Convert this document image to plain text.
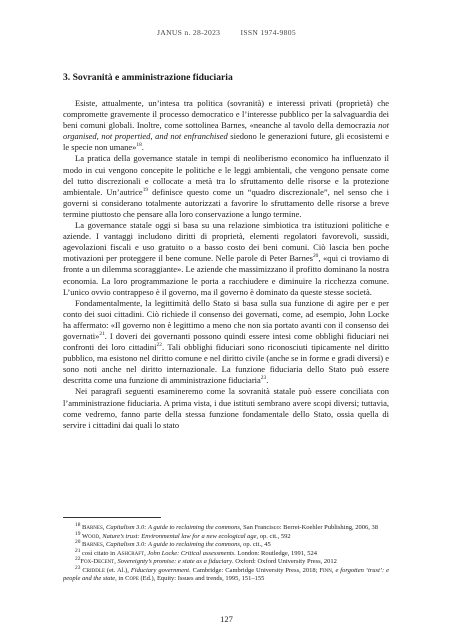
JANUS n. 28-2023	ISSN 1974-9805
3. Sovranità e amministrazione fiduciaria

Esiste, attualmente, un’intesa tra politica (sovranità) e interessi privati (proprietà) che compromette gravemente il processo democratico e l’interesse pubblico per la salvaguardia dei beni comuni globali. Inoltre, come sottolinea Barnes, «neanche al tavolo della democrazia not organised, not propertied, and not enfranchised siedono le generazioni future, gli ecosistemi e le specie non umane»$^{18}$.

La pratica della governance statale in tempi di neoliberismo economico ha influenzato il modo in cui vengono concepite le politiche e le leggi ambientali, che vengono pensate come del tutto discrezionali e collocate a metà tra lo sfruttamento delle risorse e la protezione ambientale. Un’autrice$^{19}$ definisce questo come un “quadro discrezionale”, nel senso che i governi si considerano totalmente autorizzati a favorire lo sfruttamento delle risorse a breve termine piuttosto che pensare alla loro conservazione a lungo termine.

La governance statale oggi si basa su una relazione simbiotica tra istituzioni politiche e aziende. I vantaggi includono diritti di proprietà, elementi regolatori favorevoli, sussidi, agevolazioni fiscali e uso gratuito o a basso costo dei beni comuni. Ciò lascia ben poche motivazioni per proteggere il bene comune. Nelle parole di Peter Barnes$^{20}$, «qui ci troviamo di fronte a un dilemma scoraggiante». Le aziende che massimizzano il profitto dominano la nostra economia. La loro programmazione le porta a racchiudere e diminuire la ricchezza comune. L’unico ovvio contrappeso è il governo, ma il governo è dominato da queste stesse società.

Fondamentalmente, la legittimità dello Stato si basa sulla sua funzione di agire per e per conto dei suoi cittadini. Ciò richiede il consenso dei governati, come, ad esempio, John Locke ha affermato: «Il governo non è legittimo a meno che non sia portato avanti con il consenso dei governati»$^{21}$. I doveri dei governanti possono quindi essere intesi come obblighi fiduciari nei confronti dei loro cittadini$^{22}$. Tali obblighi fiduciari sono riconosciuti tipicamente nel diritto pubblico, ma esistono nel diritto comune e nel diritto civile (anche se in forme e gradi diversi) e sono noti anche nel diritto internazionale. La funzione fiduciaria dello Stato può essere descritta come una funzione di amministrazione fiduciaria$^{23}$.

Nei paragrafi seguenti esamineremo come la sovranità statale può essere conciliata con l’amministrazione fiduciaria. A prima vista, i due istituti sembrano avere scopi diversi; tuttavia, come vedremo, fanno parte della stessa funzione fondamentale dello Stato, ossia quella di servire i cittadini dai quali lo stato

$^{18}$ Barnes, Capitalism 3.0: A guide to reclaiming the commons, San Francisco: Berret-Koehler Publishing, 2006, 38

$^{19}$ Wood, Nature’s trust: Environmental law for a new ecological age, op. cit., 592

$^{20}$ Barnes, Capitalism 3.0: A guide to reclaiming the commons, op. cit., 45

$^{21}$ così citato in Ashcraft, John Locke: Critical assessments. London: Routledge, 1991, 524

$^{22}$Fox-Decent, Sovereignty’s promise: e state as a fiduciary. Oxford: Oxford University Press, 2012

$^{23}$ Criddle (et. Al.), Fiduciary government. Cambridge: Cambridge University Press, 2018; Finn, e forgotten ‘trust’: e people and the state, in Cope (Ed.), Equity: Issues and trends, 1995, 151–155

127
